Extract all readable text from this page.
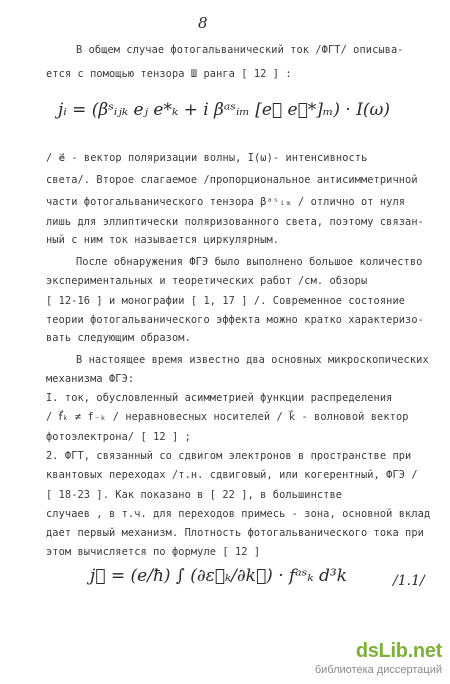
8
В общем случае фотогальванический ток /ФГТ/ описыва-
ется с помощью тензора Ш ранга [ 12 ] :
/ e⃗ - вектор поляризации волны, I(ω)- интенсивность
света/. Второе слагаемое /пропорциональное антисимметричной
части фотогальванического тензора βᵃˢᵢₘ / отлично от нуля
лишь для эллиптически поляризованного света, поэтому связан-
ный с ним ток называется циркулярным.
После обнаружения ФГЭ было выполнено большое количество
экспериментальных и теоретических работ /см. обзоры
[ 12-16 ] и монографии [ 1, 17 ] /. Современное состояние
теории фотогальванического эффекта можно кратко характеризо-
вать следующим образом.
В настоящее время известно два основных микроскопических
механизма ФГЭ:
I. ток, обусловленный асимметрией функции распределения
/ f⃗ₖ ≠ f₋ₖ / неравновесных носителей / k⃗ - волновой вектор
фотоэлектрона/ [ 12 ] ;
2. ФГТ, связанный со сдвигом электронов в пространстве при
квантовых переходах /т.н. сдвиговый, или когерентный, ФГЭ /
[ 18-23 ]. Как показано в [ 22 ], в большинстве
случаев , в т.ч. для переходов примесь - зона, основной вклад
дает первый механизм. Плотность фотогальванического тока при
этом вычисляется по формуле [ 12 ]
jᵢ = (βˢᵢⱼₖ eⱼ e*ₖ + i βᵃˢᵢₘ [e⃗ e⃗*]ₘ) · I(ω)
j⃗ = (e/ħ) ∫ (∂ε⃗ₖ/∂k⃗) · fᵃˢₖ d³k	/1.1/
dsLib.net
библиотека диссертаций
